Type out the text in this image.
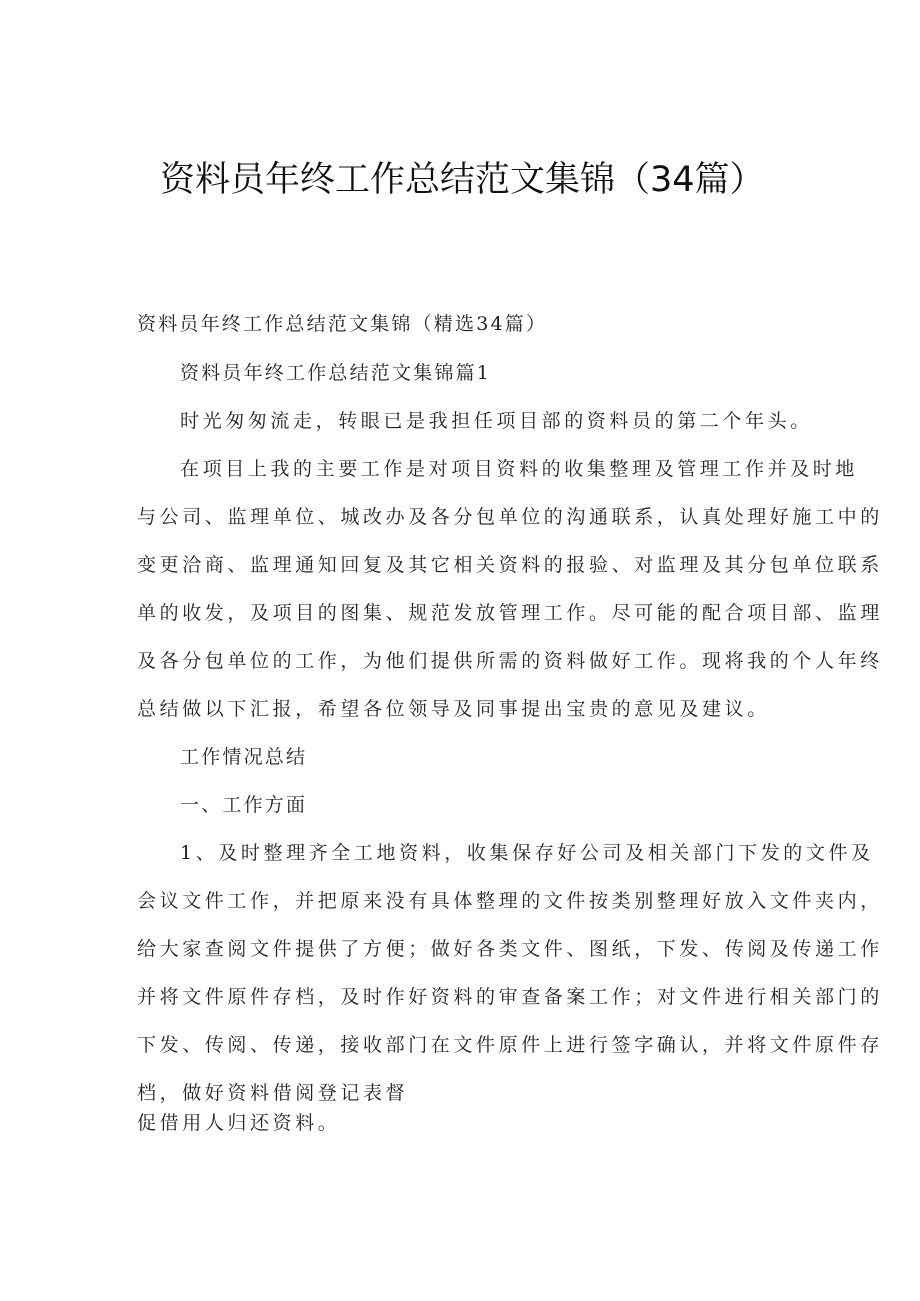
资料员年终工作总结范文集锦（34篇）
资料员年终工作总结范文集锦（精选34篇）
资料员年终工作总结范文集锦篇1
时光匆匆流走，转眼已是我担任项目部的资料员的第二个年头。
在项目上我的主要工作是对项目资料的收集整理及管理工作并及时地
与公司、监理单位、城改办及各分包单位的沟通联系，认真处理好施工中的
变更洽商、监理通知回复及其它相关资料的报验、对监理及其分包单位联系
单的收发，及项目的图集、规范发放管理工作。尽可能的配合项目部、监理
及各分包单位的工作，为他们提供所需的资料做好工作。现将我的个人年终
总结做以下汇报，希望各位领导及同事提出宝贵的意见及建议。
工作情况总结
一、工作方面
1、及时整理齐全工地资料，收集保存好公司及相关部门下发的文件及
会议文件工作，并把原来没有具体整理的文件按类别整理好放入文件夹内，
给大家查阅文件提供了方便；做好各类文件、图纸，下发、传阅及传递工作
并将文件原件存档，及时作好资料的审查备案工作；对文件进行相关部门的
下发、传阅、传递，接收部门在文件原件上进行签字确认，并将文件原件存
档，做好资料借阅登记表督
促借用人归还资料。
